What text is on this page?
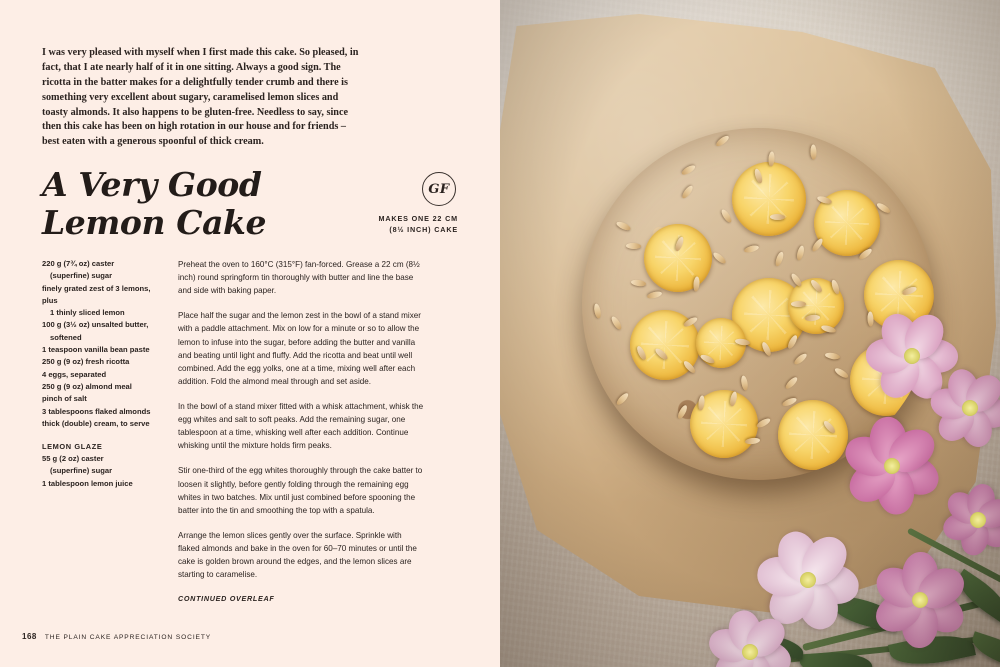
I was very pleased with myself when I first made this cake. So pleased, in fact, that I ate nearly half of it in one sitting. Always a good sign. The ricotta in the batter makes for a delightfully tender crumb and there is something very excellent about sugary, caramelised lemon slices and toasty almonds. It also happens to be gluten-free. Needless to say, since then this cake has been on high rotation in our house and for friends – best eaten with a generous spoonful of thick cream.
A Very Good
Lemon Cake
GF
MAKES ONE 22 CM
(8½ INCH) CAKE
220 g (7¾ oz) caster
(superfine) sugar
finely grated zest of 3 lemons, plus
1 thinly sliced lemon
100 g (3½ oz) unsalted butter,
softened
1 teaspoon vanilla bean paste
250 g (9 oz) fresh ricotta
4 eggs, separated
250 g (9 oz) almond meal
pinch of salt
3 tablespoons flaked almonds
thick (double) cream, to serve
LEMON GLAZE
55 g (2 oz) caster
(superfine) sugar
1 tablespoon lemon juice

Preheat the oven to 160°C (315°F) fan-forced. Grease a 22 cm (8½ inch) round springform tin thoroughly with butter and line the base and side with baking paper.

Place half the sugar and the lemon zest in the bowl of a stand mixer with a paddle attachment. Mix on low for a minute or so to allow the lemon to infuse into the sugar, before adding the butter and vanilla and beating until light and fluffy. Add the ricotta and beat until well combined. Add the egg yolks, one at a time, mixing well after each addition. Fold the almond meal through and set aside.

In the bowl of a stand mixer fitted with a whisk attachment, whisk the egg whites and salt to soft peaks. Add the remaining sugar, one tablespoon at a time, whisking well after each addition. Continue whisking until the mixture holds firm peaks.

Stir one-third of the egg whites thoroughly through the cake batter to loosen it slightly, before gently folding through the remaining egg whites in two batches. Mix until just combined before spooning the batter into the tin and smoothing the top with a spatula.

Arrange the lemon slices gently over the surface. Sprinkle with flaked almonds and bake in the oven for 60–70 minutes or until the cake is golden brown around the edges, and the lemon slices are starting to caramelise.

CONTINUED OVERLEAF
168 THE PLAIN CAKE APPRECIATION SOCIETY
